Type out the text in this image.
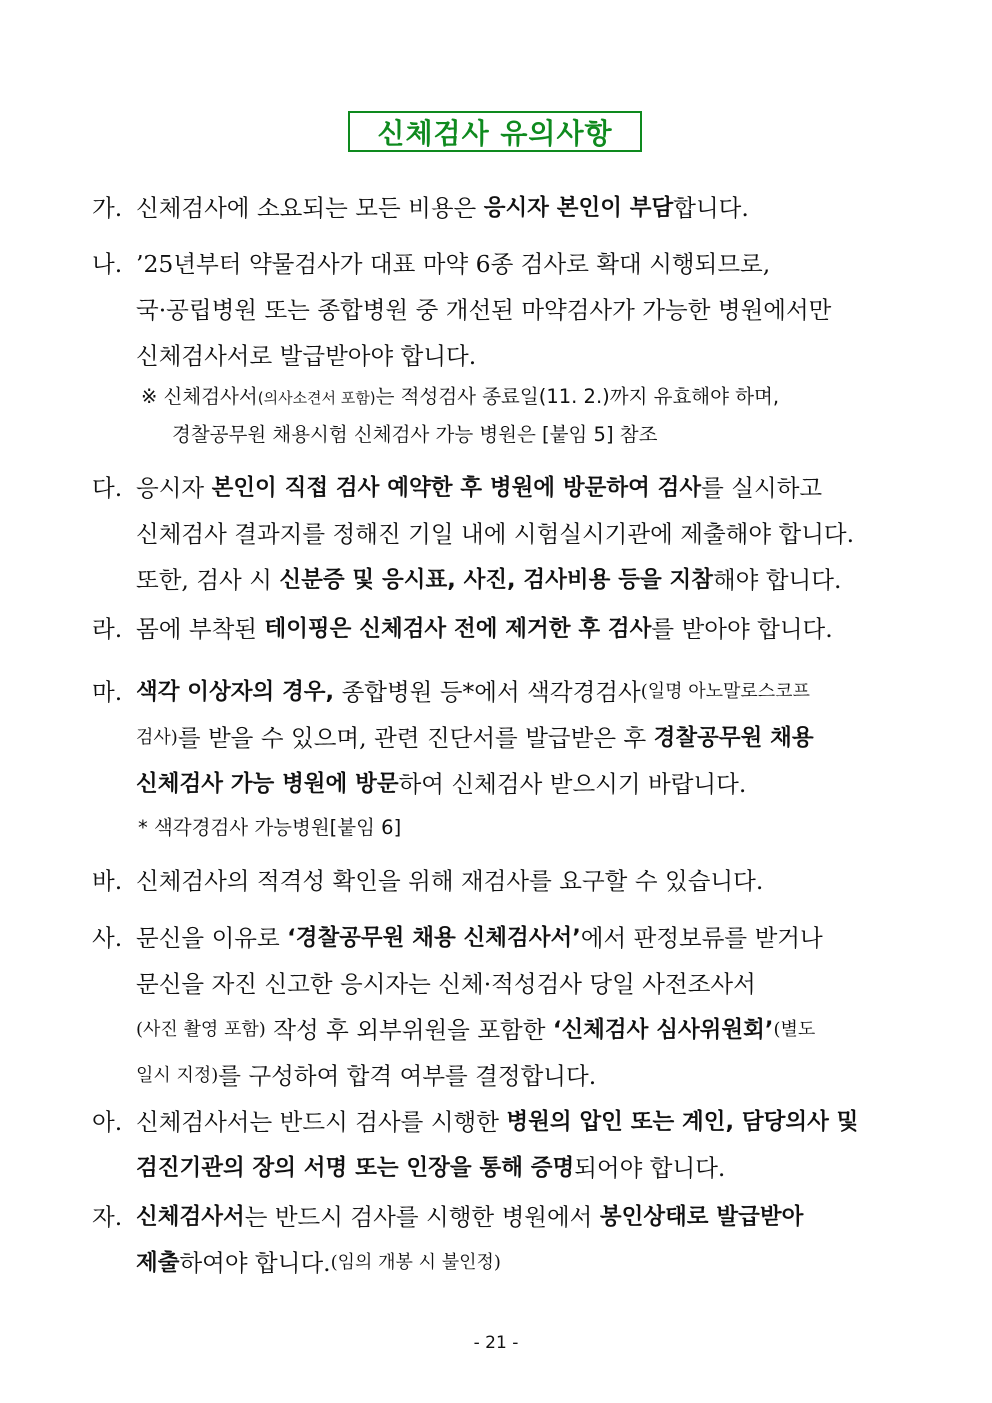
신체검사 유의사항
가. 신체검사에 소요되는 모든 비용은 응시자 본인이 부담 합니다.
나. ’25년부터 약물검사가 대표 마약 6종 검사로 확대 시행되므로,
국·공립병원 또는 종합병원 중 개선된 마약검사가 가능한 병원에서만
신체검사서로 발급받아야 합니다.
※ 신체검사서(의사소견서 포함)는 적성검사 종료일(11. 2.)까지 유효해야 하며,
경찰공무원 채용시험 신체검사 가능 병원은 [붙임 5] 참조
다. 응시자 본인이 직접 검사 예약한 후 병원에 방문하여 검사 를 실시하고
신체검사 결과지를 정해진 기일 내에 시험실시기관에 제출해야 합니다.
또한, 검사 시 신분증 및 응시표, 사진, 검사비용 등을 지참 해야 합니다.
라. 몸에 부착된 테이핑은 신체검사 전에 제거한 후 검사 를 받아야 합니다.
마. 색각 이상자의 경우, 종합병원 등*에서 색각경검사 (일명 아노말로스코프
검사) 를 받을 수 있으며, 관련 진단서를 발급받은 후 경찰공무원 채용
신체검사 가능 병원에 방문 하여 신체검사 받으시기 바랍니다.
* 색각경검사 가능병원[붙임 6]
바. 신체검사의 적격성 확인을 위해 재검사를 요구할 수 있습니다.
사. 문신을 이유로 ‘경찰공무원 채용 신체검사서’ 에서 판정보류를 받거나
문신을 자진 신고한 응시자는 신체·적성검사 당일 사전조사서
(사진 촬영 포함) 작성 후 외부위원을 포함한 ‘신체검사 심사위원회’ (별도
일시 지정) 를 구성하여 합격 여부를 결정합니다.
아. 신체검사서는 반드시 검사를 시행한 병원의 압인 또는 계인, 담당의사 및
검진기관의 장의 서명 또는 인장을 통해 증명 되어야 합니다.
자. 신체검사서 는 반드시 검사를 시행한 병원에서 봉인상태로 발급받아
제출 하여야 합니다. (임의 개봉 시 불인정)
- 21 -
